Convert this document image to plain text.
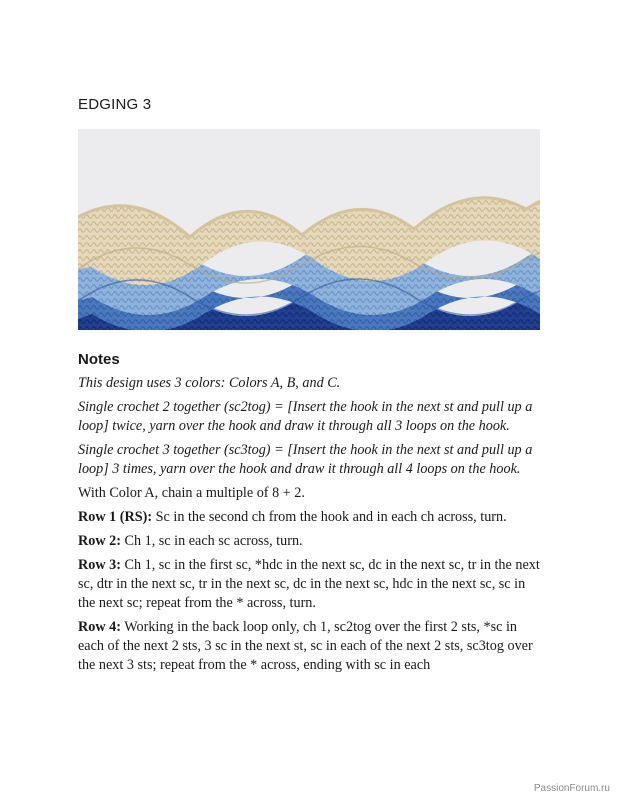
EDGING 3
Notes

This design uses 3 colors: Colors A, B, and C.

Single crochet 2 together (sc2tog) = [Insert the hook in the next st and pull up a loop] twice, yarn over the hook and draw it through all 3 loops on the hook.

Single crochet 3 together (sc3tog) = [Insert the hook in the next st and pull up a loop] 3 times, yarn over the hook and draw it through all 4 loops on the hook.

With Color A, chain a multiple of 8 + 2.

Row 1 (RS): Sc in the second ch from the hook and in each ch across, turn.

Row 2: Ch 1, sc in each sc across, turn.

Row 3: Ch 1, sc in the first sc, *hdc in the next sc, dc in the next sc, tr in the next sc, dtr in the next sc, tr in the next sc, dc in the next sc, hdc in the next sc, sc in the next sc; repeat from the * across, turn.

Row 4: Working in the back loop only, ch 1, sc2tog over the first 2 sts, *sc in each of the next 2 sts, 3 sc in the next st, sc in each of the next 2 sts, sc3tog over the next 3 sts; repeat from the * across, ending with sc in each

PassionForum.ru
